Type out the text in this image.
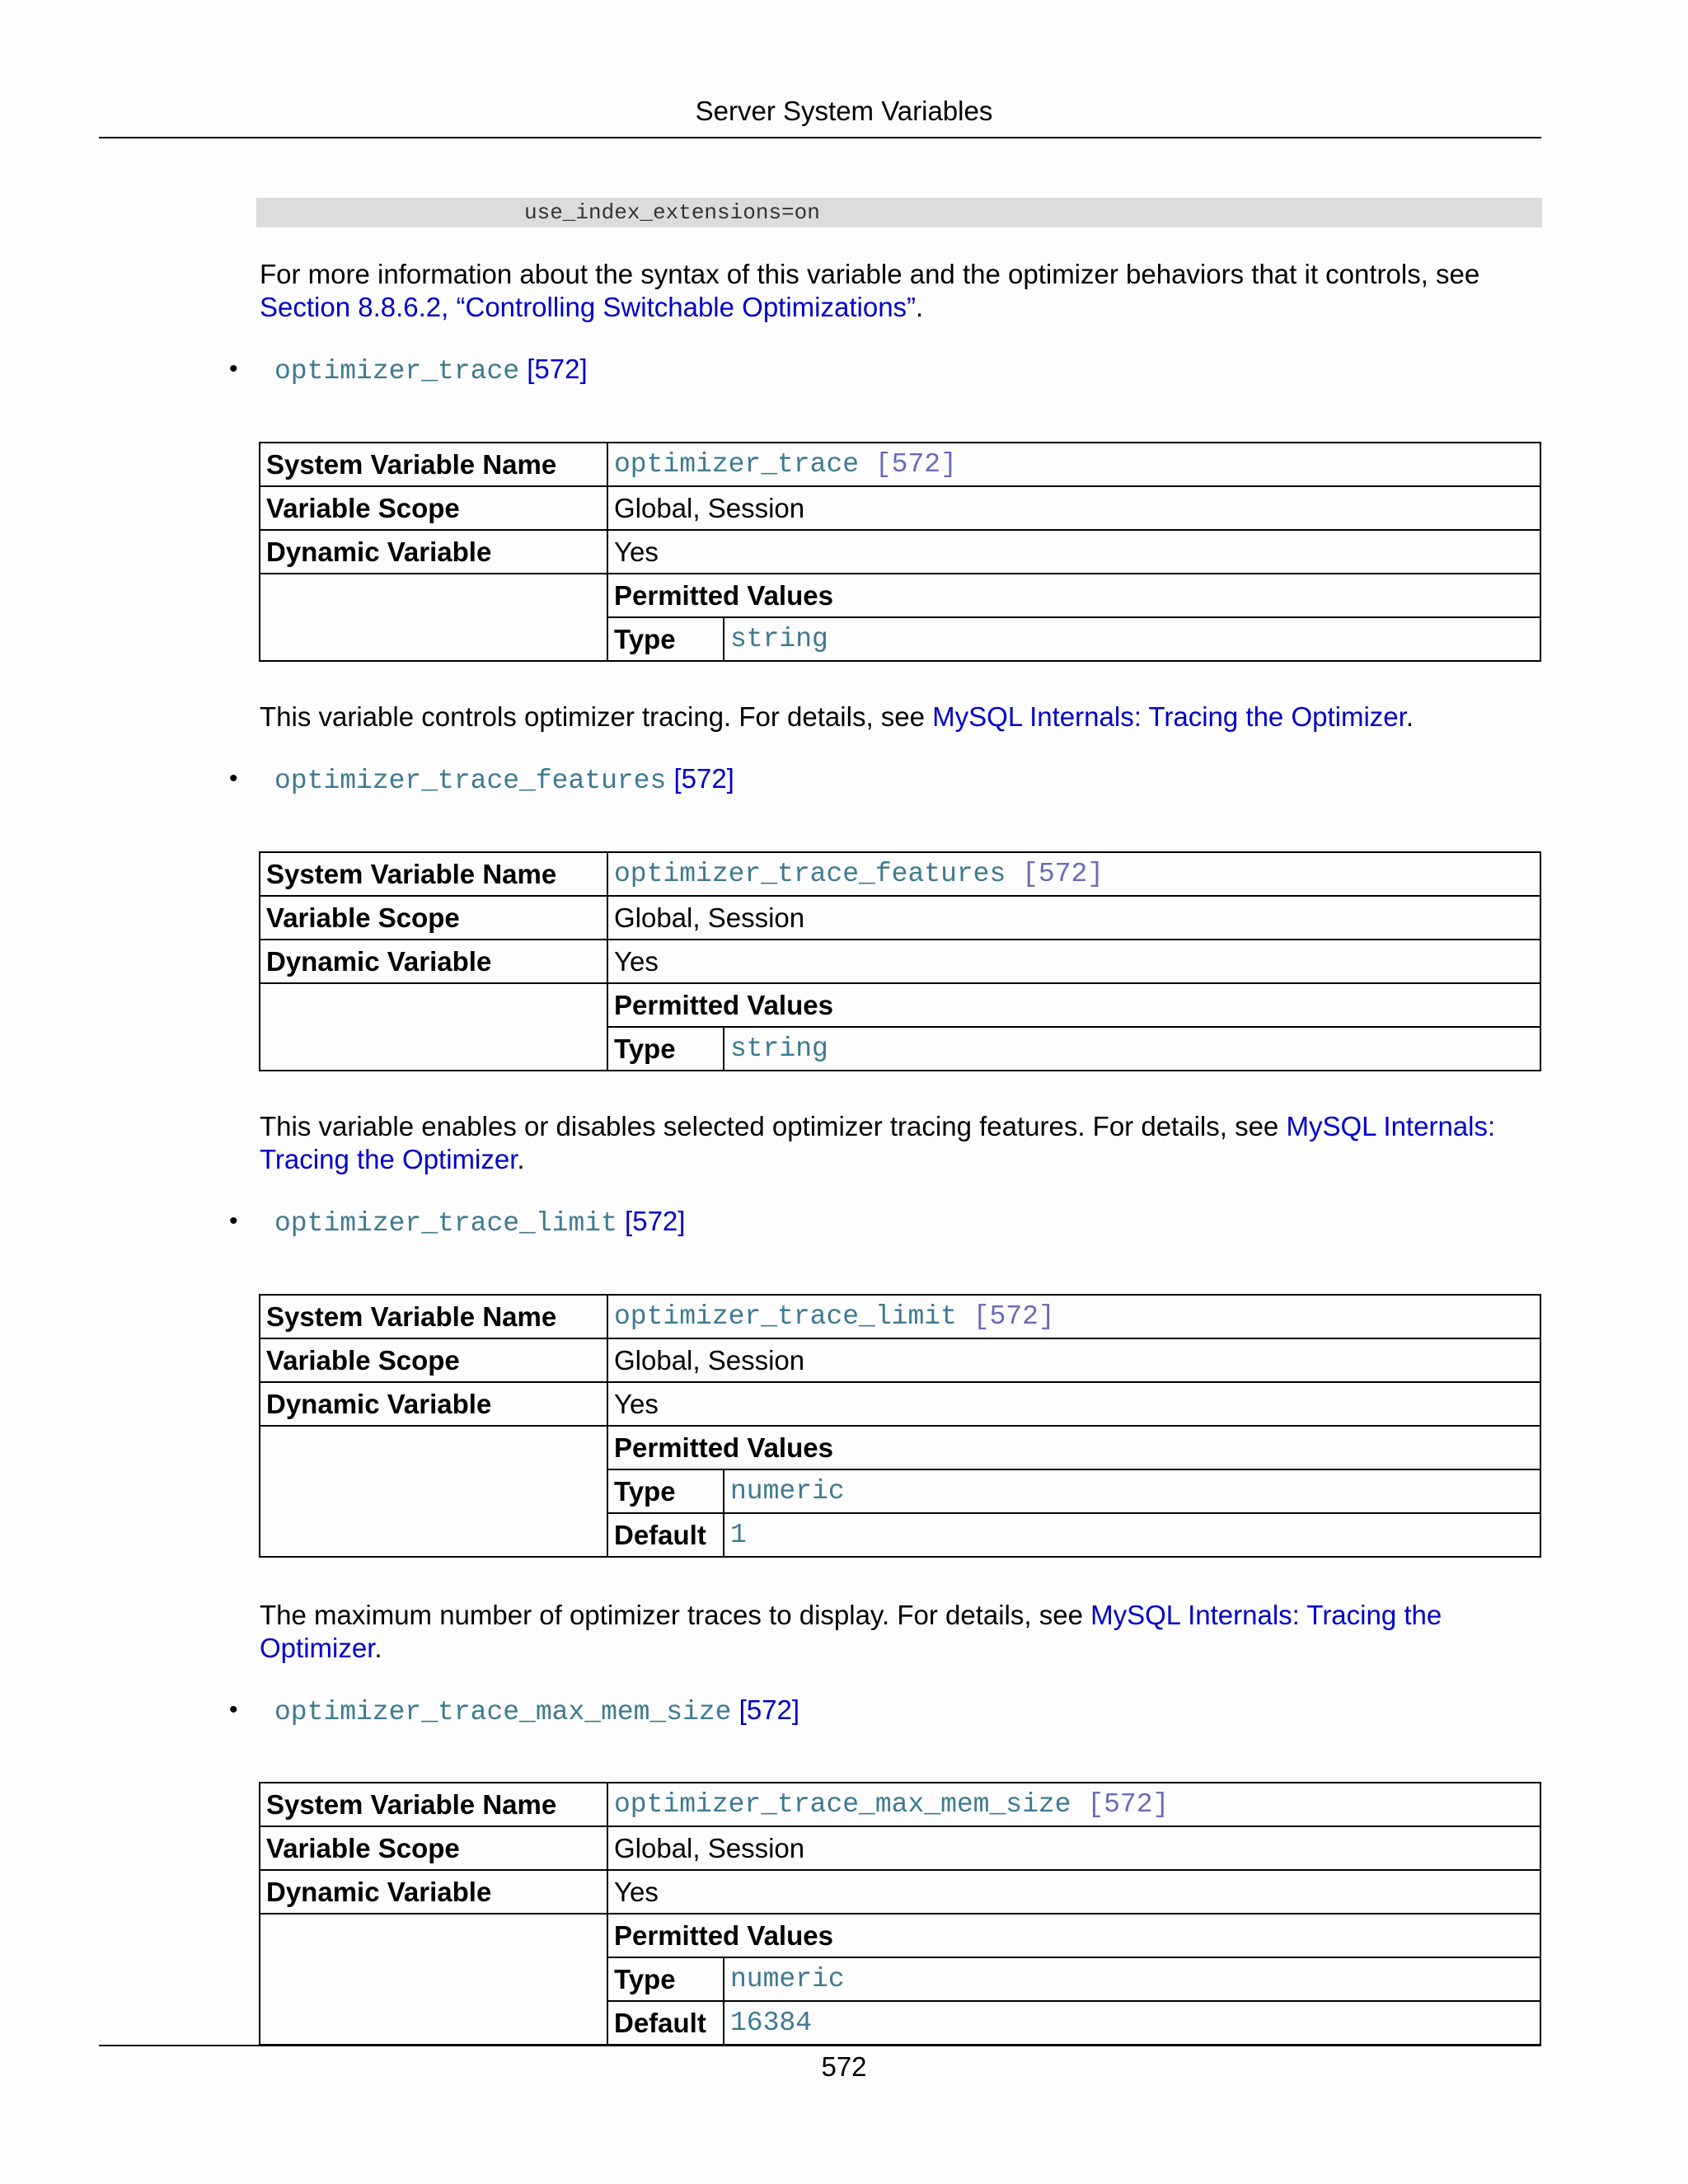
Server System Variables
use_index_extensions=on
For more information about the syntax of this variable and the optimizer behaviors that it controls, see
Section 8.8.6.2, “Controlling Switchable Optimizations”.
• optimizer_trace [572]
System Variable Name	optimizer_trace [572]	
Variable Scope	Global, Session	
Dynamic Variable	Yes	
	Permitted Values	
	Type	string
This variable controls optimizer tracing. For details, see MySQL Internals: Tracing the Optimizer.
• optimizer_trace_features [572]
System Variable Name	optimizer_trace_features [572]	
Variable Scope	Global, Session	
Dynamic Variable	Yes	
	Permitted Values	
	Type	string
This variable enables or disables selected optimizer tracing features. For details, see MySQL Internals: Tracing the Optimizer.
• optimizer_trace_limit [572]
System Variable Name	optimizer_trace_limit [572]	
Variable Scope	Global, Session	
Dynamic Variable	Yes	
	Permitted Values	
	Type	numeric
	Default	1
The maximum number of optimizer traces to display. For details, see MySQL Internals: Tracing the Optimizer.
• optimizer_trace_max_mem_size [572]
System Variable Name	optimizer_trace_max_mem_size [572]	
Variable Scope	Global, Session	
Dynamic Variable	Yes	
	Permitted Values	
	Type	numeric
	Default	16384
572
